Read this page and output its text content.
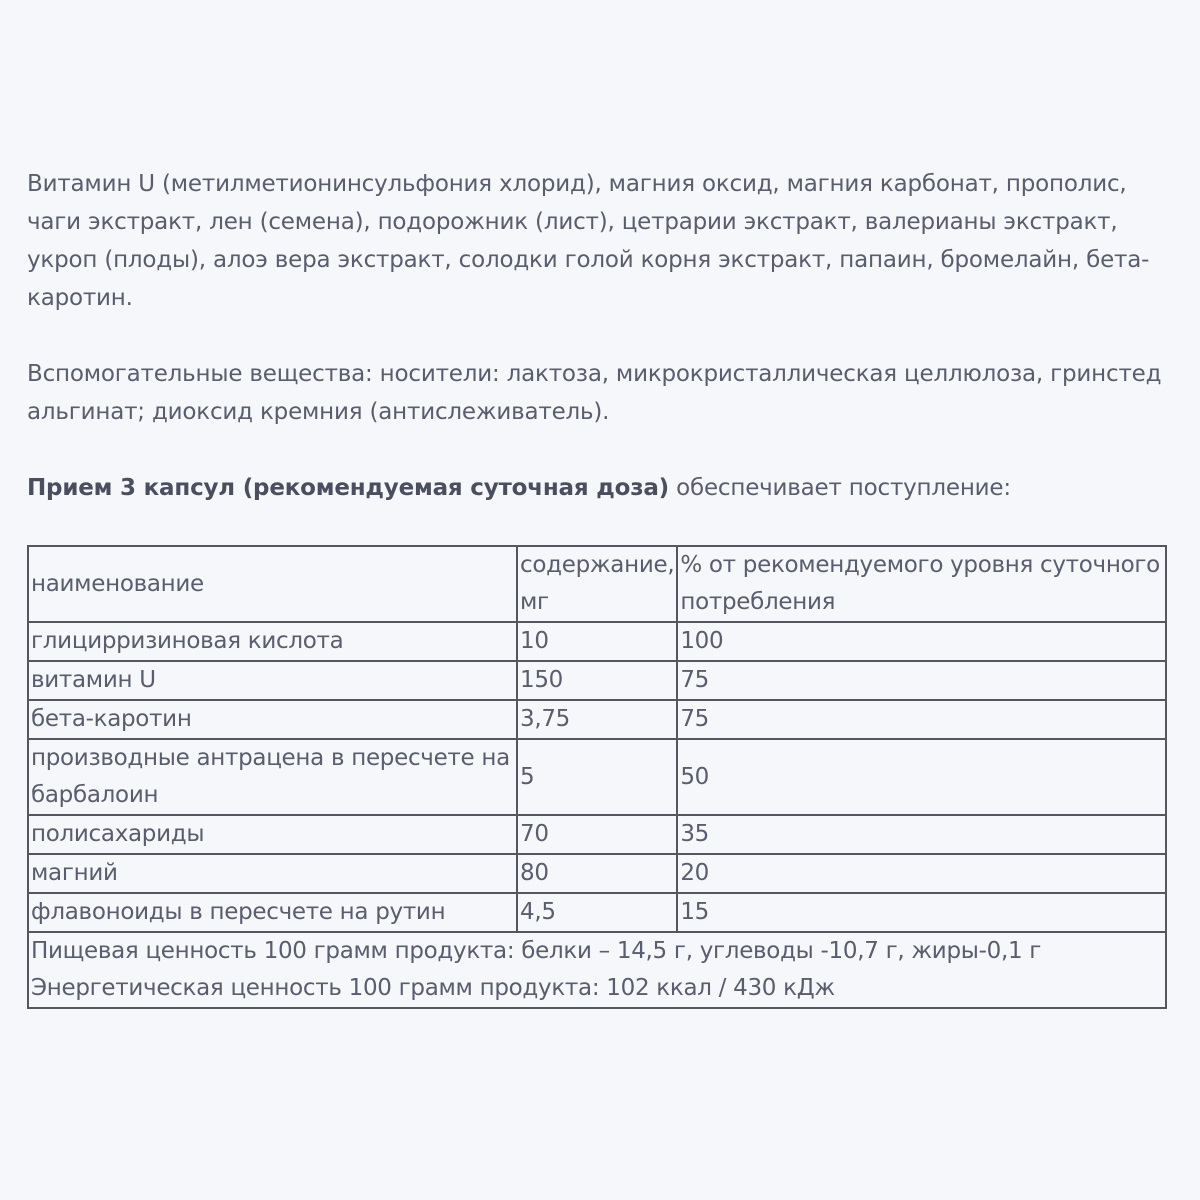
Витамин U (метилметионинсульфония хлорид), магния оксид, магния карбонат, прополис, чаги экстракт, лен (семена), подорожник (лист), цетрарии экстракт, валерианы экстракт, укроп (плоды), алоэ вера экстракт, солодки голой корня экстракт, папаин, бромелайн, бета-каротин.

Вспомогательные вещества: носители: лактоза, микрокристаллическая целлюлоза, гринстед альгинат; диоксид кремния (антислеживатель).

Прием 3 капсул (рекомендуемая суточная доза) обеспечивает поступление:

наименование	содержание, мг	% от рекомендуемого уровня суточного потребления
глицирризиновая кислота	10	100
витамин U	150	75
бета-каротин	3,75	75
производные антрацена в пересчете на барбалоин	5	50
полисахариды	70	35
магний	80	20
флавоноиды в пересчете на рутин	4,5	15

Пищевая ценность 100 грамм продукта: белки – 14,5 г, углеводы -10,7 г, жиры-0,1 г
Энергетическая ценность 100 грамм продукта: 102 ккал / 430 кДж		
